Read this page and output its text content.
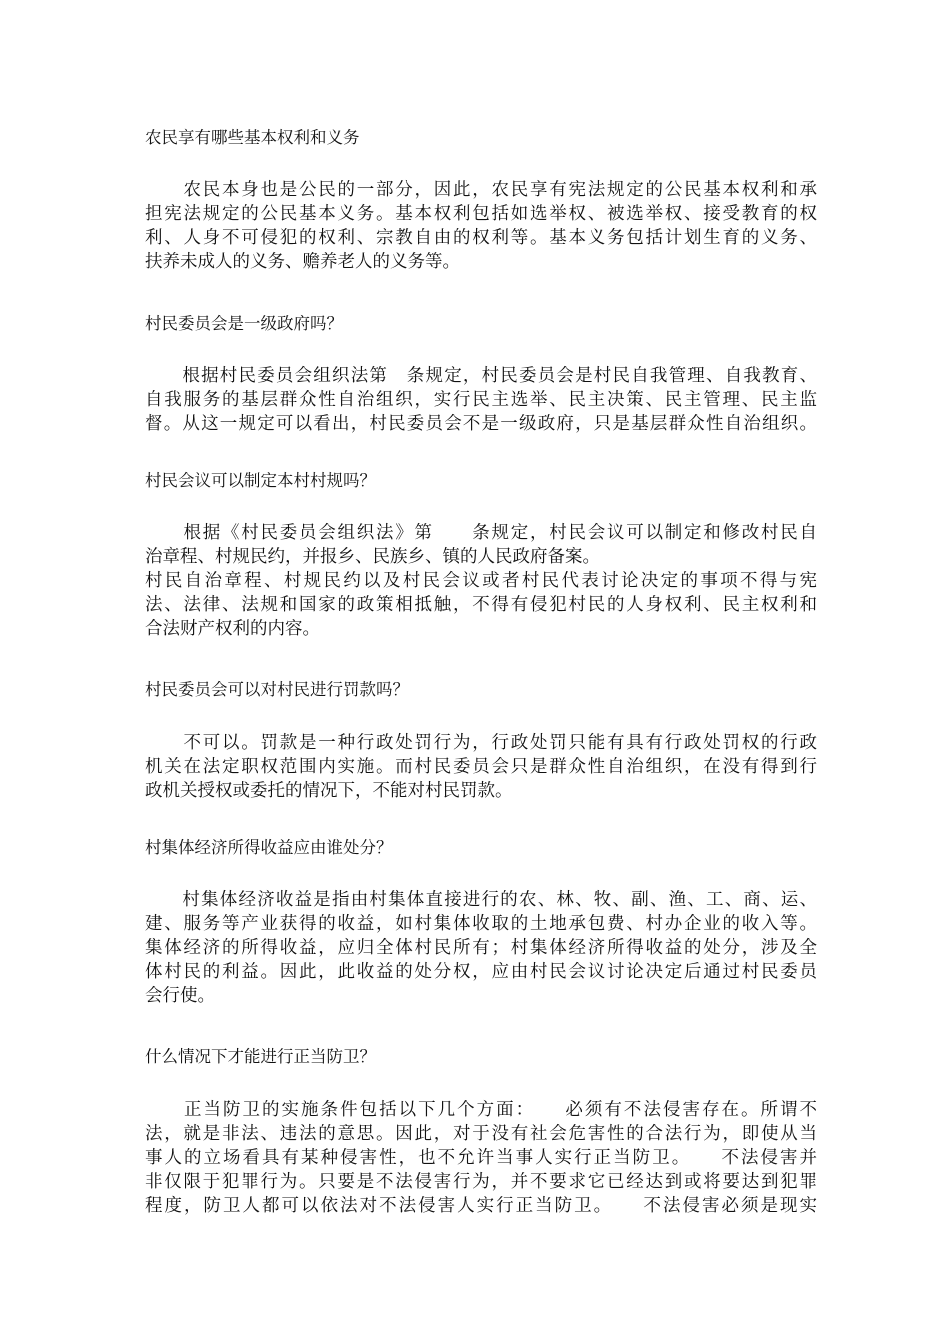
农民享有哪些基本权利和义务
　　农民本身也是公民的一部分，因此，农民享有宪法规定的公民基本权利和承
担宪法规定的公民基本义务。基本权利包括如选举权、被选举权、接受教育的权
利、人身不可侵犯的权利、宗教自由的权利等。基本义务包括计划生育的义务、
扶养未成人的义务、赡养老人的义务等。
村民委员会是一级政府吗？
　　根据村民委员会组织法第　条规定，村民委员会是村民自我管理、自我教育、
自我服务的基层群众性自治组织，实行民主选举、民主决策、民主管理、民主监
督。从这一规定可以看出，村民委员会不是一级政府，只是基层群众性自治组织。
村民会议可以制定本村村规吗？
　　根据《村民委员会组织法》第　　条规定，村民会议可以制定和修改村民自
治章程、村规民约，并报乡、民族乡、镇的人民政府备案。
村民自治章程、村规民约以及村民会议或者村民代表讨论决定的事项不得与宪
法、法律、法规和国家的政策相抵触，不得有侵犯村民的人身权利、民主权利和
合法财产权利的内容。
村民委员会可以对村民进行罚款吗？
　　不可以。罚款是一种行政处罚行为，行政处罚只能有具有行政处罚权的行政
机关在法定职权范围内实施。而村民委员会只是群众性自治组织，在没有得到行
政机关授权或委托的情况下，不能对村民罚款。
村集体经济所得收益应由谁处分？
　　村集体经济收益是指由村集体直接进行的农、林、牧、副、渔、工、商、运、
建、服务等产业获得的收益，如村集体收取的土地承包费、村办企业的收入等。
集体经济的所得收益，应归全体村民所有；村集体经济所得收益的处分，涉及全
体村民的利益。因此，此收益的处分权，应由村民会议讨论决定后通过村民委员
会行使。
什么情况下才能进行正当防卫？
　　正当防卫的实施条件包括以下几个方面：　　必须有不法侵害存在。所谓不
法，就是非法、违法的意思。因此，对于没有社会危害性的合法行为，即使从当
事人的立场看具有某种侵害性，也不允许当事人实行正当防卫。　　不法侵害并
非仅限于犯罪行为。只要是不法侵害行为，并不要求它已经达到或将要达到犯罪
程度，防卫人都可以依法对不法侵害人实行正当防卫。　　不法侵害必须是现实
